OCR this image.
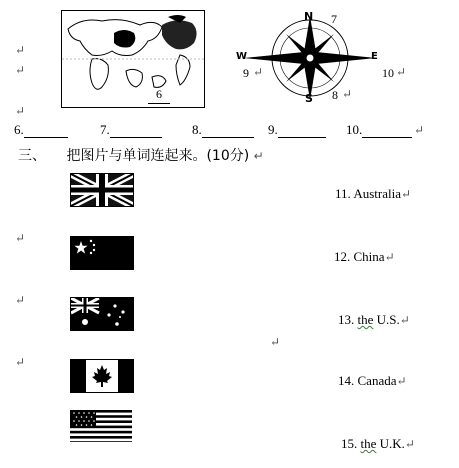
↵
↵
↵
6
N
S
W	E
7
9 ↵	10 ↵
8 ↵
6.	7.	8.	9.	10.	↵
三、 把图片与单词连起来。(10分) ↵
11. Australia↵
↵
12. China↵
↵
13. the U.S.↵
↵
↵
14. Canada↵
15. the U.K.↵
